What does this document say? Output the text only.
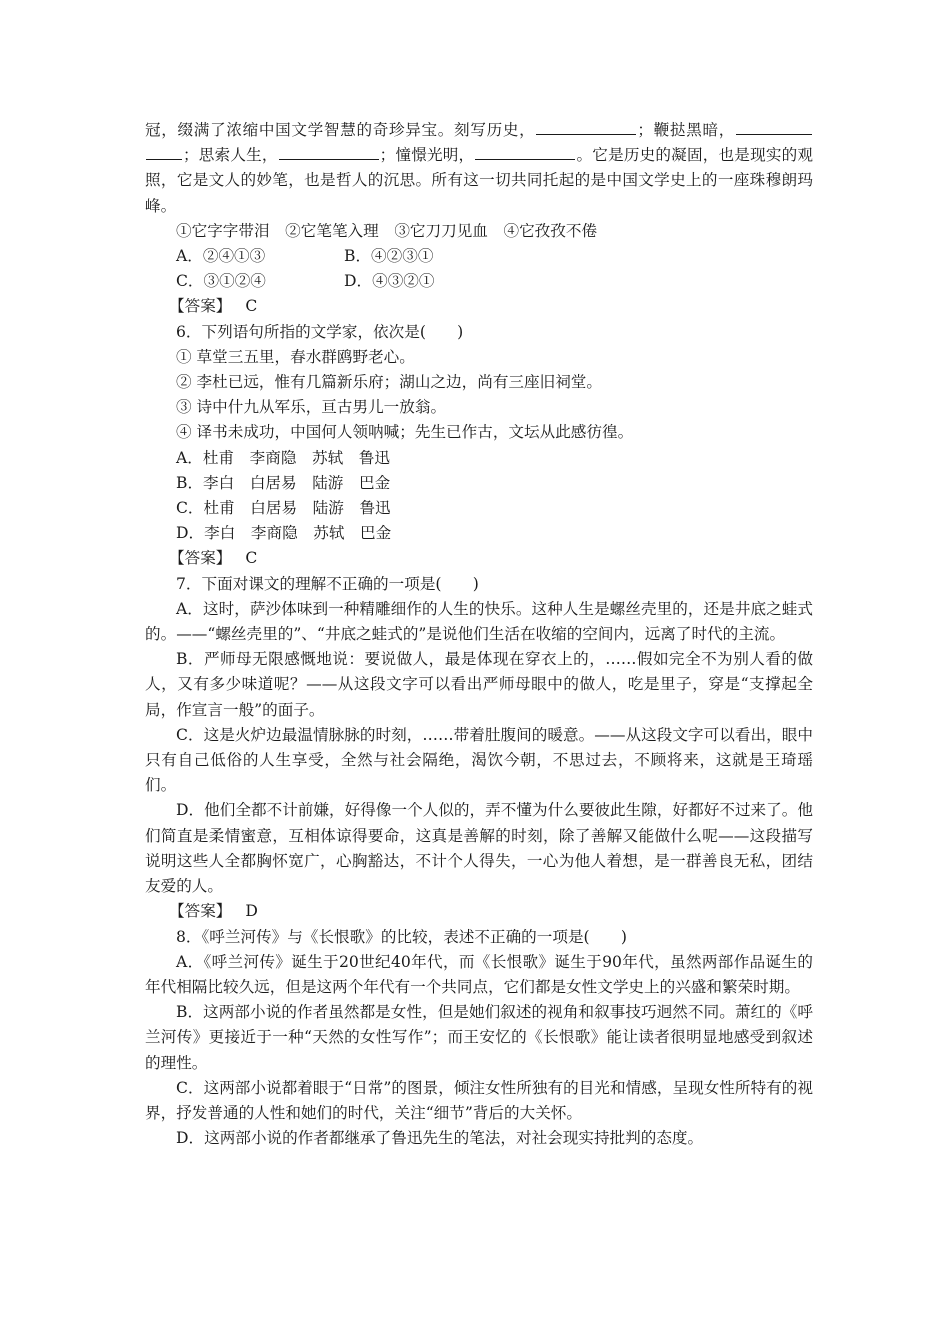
冠，缀满了浓缩中国文学智慧的奇珍异宝。刻写历史，	；鞭挞黑暗，；思索人生，	；憧憬光明，	。它是历史的凝固，也是现实的观照，它是文人的妙笔，也是哲人的沉思。所有这一切共同托起的是中国文学史上的一座珠穆朗玛峰。

①它字字带泪　②它笔笔入理　③它刀刀见血　④它孜孜不倦

A．②④①③	B．④②③①
C．③①②④	D．④③②①

【答案】 C

6．下列语句所指的文学家，依次是(　　)

① 草堂三五里，春水群鸥野老心。

② 李杜已远，惟有几篇新乐府；湖山之边，尚有三座旧祠堂。

③ 诗中什九从军乐，亘古男儿一放翁。

④ 译书未成功，中国何人领呐喊；先生已作古，文坛从此感彷徨。

A．杜甫　李商隐　苏轼　鲁迅

B．李白　白居易　陆游　巴金

C．杜甫　白居易　陆游　鲁迅

D．李白　李商隐　苏轼　巴金

【答案】 C

7．下面对课文的理解不正确的一项是(　　)

A．这时，萨沙体味到一种精雕细作的人生的快乐。这种人生是螺丝壳里的，还是井底之蛙式的。——“螺丝壳里的”、“井底之蛙式的”是说他们生活在收缩的空间内，远离了时代的主流。

B．严师母无限感慨地说：要说做人，最是体现在穿衣上的，……假如完全不为别人看的做人，又有多少味道呢？——从这段文字可以看出严师母眼中的做人，吃是里子，穿是“支撑起全局，作宣言一般”的面子。

C．这是火炉边最温情脉脉的时刻，……带着肚腹间的暖意。——从这段文字可以看出，眼中只有自己低俗的人生享受，全然与社会隔绝，渴饮今朝，不思过去，不顾将来，这就是王琦瑶们。

D．他们全都不计前嫌，好得像一个人似的，弄不懂为什么要彼此生隙，好都好不过来了。他们简直是柔情蜜意，互相体谅得要命，这真是善解的时刻，除了善解又能做什么呢——这段描写说明这些人全都胸怀宽广，心胸豁达，不计个人得失，一心为他人着想，是一群善良无私，团结友爱的人。

【答案】 D

8．《呼兰河传》与《长恨歌》的比较，表述不正确的一项是(　　)

A．《呼兰河传》诞生于20世纪40年代，而《长恨歌》诞生于90年代，虽然两部作品诞生的年代相隔比较久远，但是这两个年代有一个共同点，它们都是女性文学史上的兴盛和繁荣时期。

B．这两部小说的作者虽然都是女性，但是她们叙述的视角和叙事技巧迥然不同。萧红的《呼兰河传》更接近于一种“天然的女性写作”；而王安忆的《长恨歌》能让读者很明显地感受到叙述的理性。

C．这两部小说都着眼于“日常”的图景，倾注女性所独有的目光和情感，呈现女性所特有的视界，抒发普通的人性和她们的时代，关注“细节”背后的大关怀。

D．这两部小说的作者都继承了鲁迅先生的笔法，对社会现实持批判的态度。
